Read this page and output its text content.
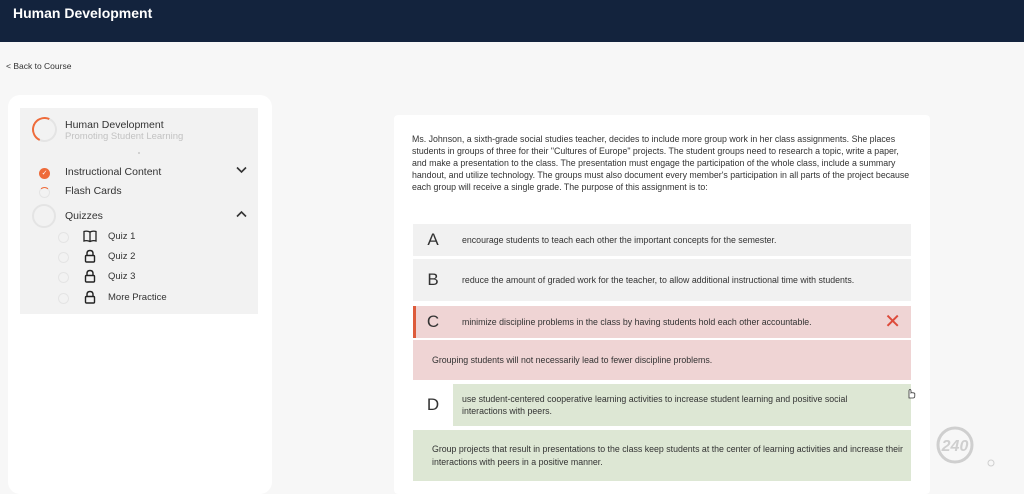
Human Development
< Back to Course
Human Development
Promoting Student Learning
✓ Instructional Content
Flash Cards
Quizzes
Quiz 1
Quiz 2
Quiz 3
More Practice
Ms. Johnson, a sixth-grade social studies teacher, decides to include more group work in her class assignments. She places students in groups of three for their "Cultures of Europe" projects. The student groups need to research a topic, write a paper, and make a presentation to the class. The presentation must engage the participation of the whole class, include a summary handout, and utilize technology. The groups must also document every member's participation in all parts of the project because each group will receive a single grade. The purpose of this assignment is to:
A	encourage students to teach each other the important concepts for the semester.
B	reduce the amount of graded work for the teacher, to allow additional instructional time with students.
C	minimize discipline problems in the class by having students hold each other accountable.	✕
Grouping students will not necessarily lead to fewer discipline problems.
D	use student-centered cooperative learning activities to increase student learning and positive social interactions with peers.
Group projects that result in presentations to the class keep students at the center of learning activities and increase their interactions with peers in a positive manner.
240
